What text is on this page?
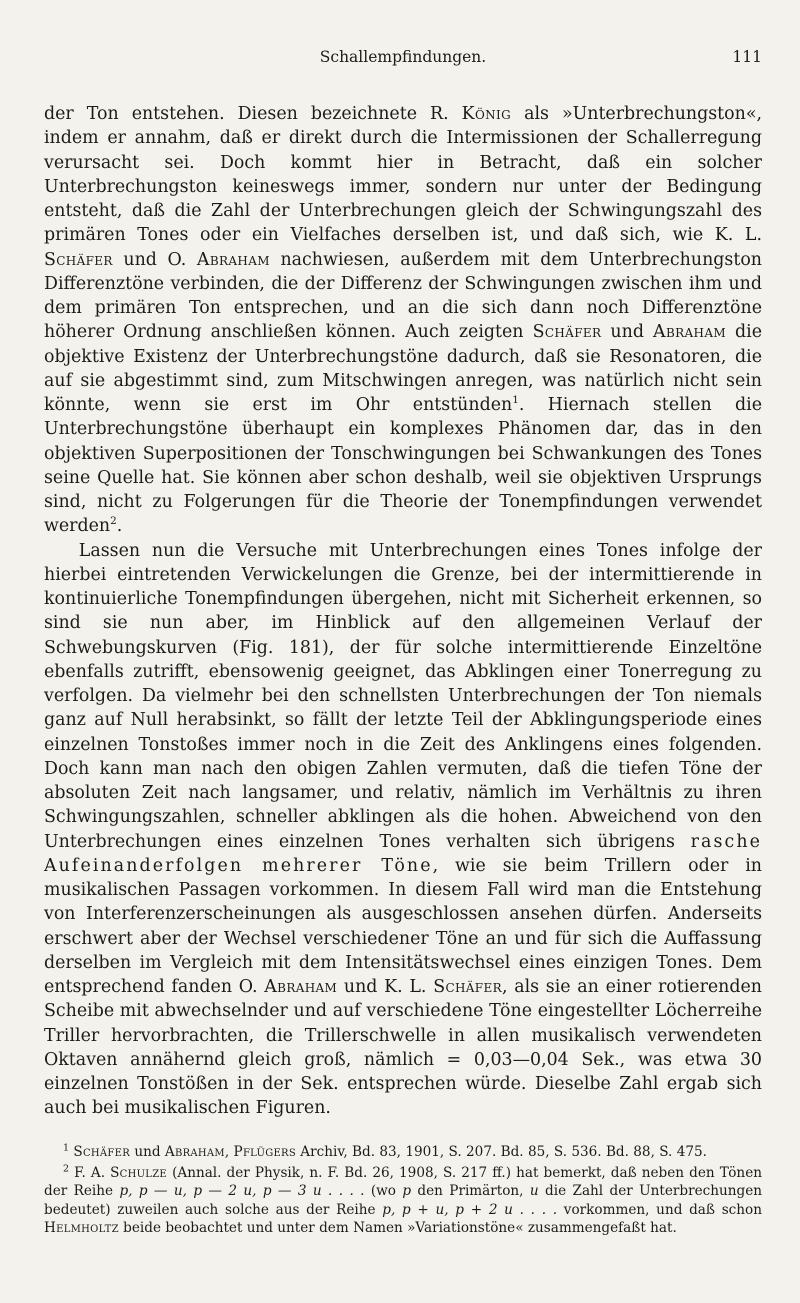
Schallempfindungen.	111

der Ton entstehen. Diesen bezeichnete R. König als »Unterbrechungston«, indem er annahm, daß er direkt durch die Intermissionen der Schallerregung verursacht sei. Doch kommt hier in Betracht, daß ein solcher Unterbrechungston keineswegs immer, sondern nur unter der Bedingung entsteht, daß die Zahl der Unterbrechungen gleich der Schwingungszahl des primären Tones oder ein Vielfaches derselben ist, und daß sich, wie K. L. Schäfer und O. Abraham nachwiesen, außerdem mit dem Unterbrechungston Differenztöne verbinden, die der Differenz der Schwingungen zwischen ihm und dem primären Ton entsprechen, und an die sich dann noch Differenztöne höherer Ordnung anschließen können. Auch zeigten Schäfer und Abraham die objektive Existenz der Unterbrechungstöne dadurch, daß sie Resonatoren, die auf sie abgestimmt sind, zum Mitschwingen anregen, was natürlich nicht sein könnte, wenn sie erst im Ohr entstünden$^1$. Hiernach stellen die Unterbrechungstöne überhaupt ein komplexes Phänomen dar, das in den objektiven Superpositionen der Tonschwingungen bei Schwankungen des Tones seine Quelle hat. Sie können aber schon deshalb, weil sie objektiven Ursprungs sind, nicht zu Folgerungen für die Theorie der Tonempfindungen verwendet werden$^2$.

Lassen nun die Versuche mit Unterbrechungen eines Tones infolge der hierbei eintretenden Verwickelungen die Grenze, bei der intermittierende in kontinuierliche Tonempfindungen übergehen, nicht mit Sicherheit erkennen, so sind sie nun aber, im Hinblick auf den allgemeinen Verlauf der Schwebungskurven (Fig. 181), der für solche intermittierende Einzeltöne ebenfalls zutrifft, ebensowenig geeignet, das Abklingen einer Tonerregung zu verfolgen. Da vielmehr bei den schnellsten Unterbrechungen der Ton niemals ganz auf Null herabsinkt, so fällt der letzte Teil der Abklingungsperiode eines einzelnen Tonstoßes immer noch in die Zeit des Anklingens eines folgenden. Doch kann man nach den obigen Zahlen vermuten, daß die tiefen Töne der absoluten Zeit nach langsamer, und relativ, nämlich im Verhältnis zu ihren Schwingungszahlen, schneller abklingen als die hohen. Abweichend von den Unterbrechungen eines einzelnen Tones verhalten sich übrigens rasche Aufeinanderfolgen mehrerer Töne, wie sie beim Trillern oder in musikalischen Passagen vorkommen. In diesem Fall wird man die Entstehung von Interferenzerscheinungen als ausgeschlossen ansehen dürfen. Anderseits erschwert aber der Wechsel verschiedener Töne an und für sich die Auffassung derselben im Vergleich mit dem Intensitätswechsel eines einzigen Tones. Dem entsprechend fanden O. Abraham und K. L. Schäfer, als sie an einer rotierenden Scheibe mit abwechselnder und auf verschiedene Töne eingestellter Löcherreihe Triller hervorbrachten, die Trillerschwelle in allen musikalisch verwendeten Oktaven annähernd gleich groß, nämlich = 0,03—0,04 Sek., was etwa 30 einzelnen Tonstößen in der Sek. entsprechen würde. Dieselbe Zahl ergab sich auch bei musikalischen Figuren.

$^1$ Schäfer und Abraham, Pflügers Archiv, Bd. 83, 1901, S. 207. Bd. 85, S. 536. Bd. 88, S. 475.

$^2$ F. A. Schulze (Annal. der Physik, n. F. Bd. 26, 1908, S. 217 ff.) hat bemerkt, daß neben den Tönen der Reihe p, p — u, p — 2 u, p — 3 u . . . . (wo p den Primärton, u die Zahl der Unterbrechungen bedeutet) zuweilen auch solche aus der Reihe p, p + u, p + 2 u . . . . vorkommen, und daß schon Helmholtz beide beobachtet und unter dem Namen »Variationstöne« zusammengefaßt hat.
